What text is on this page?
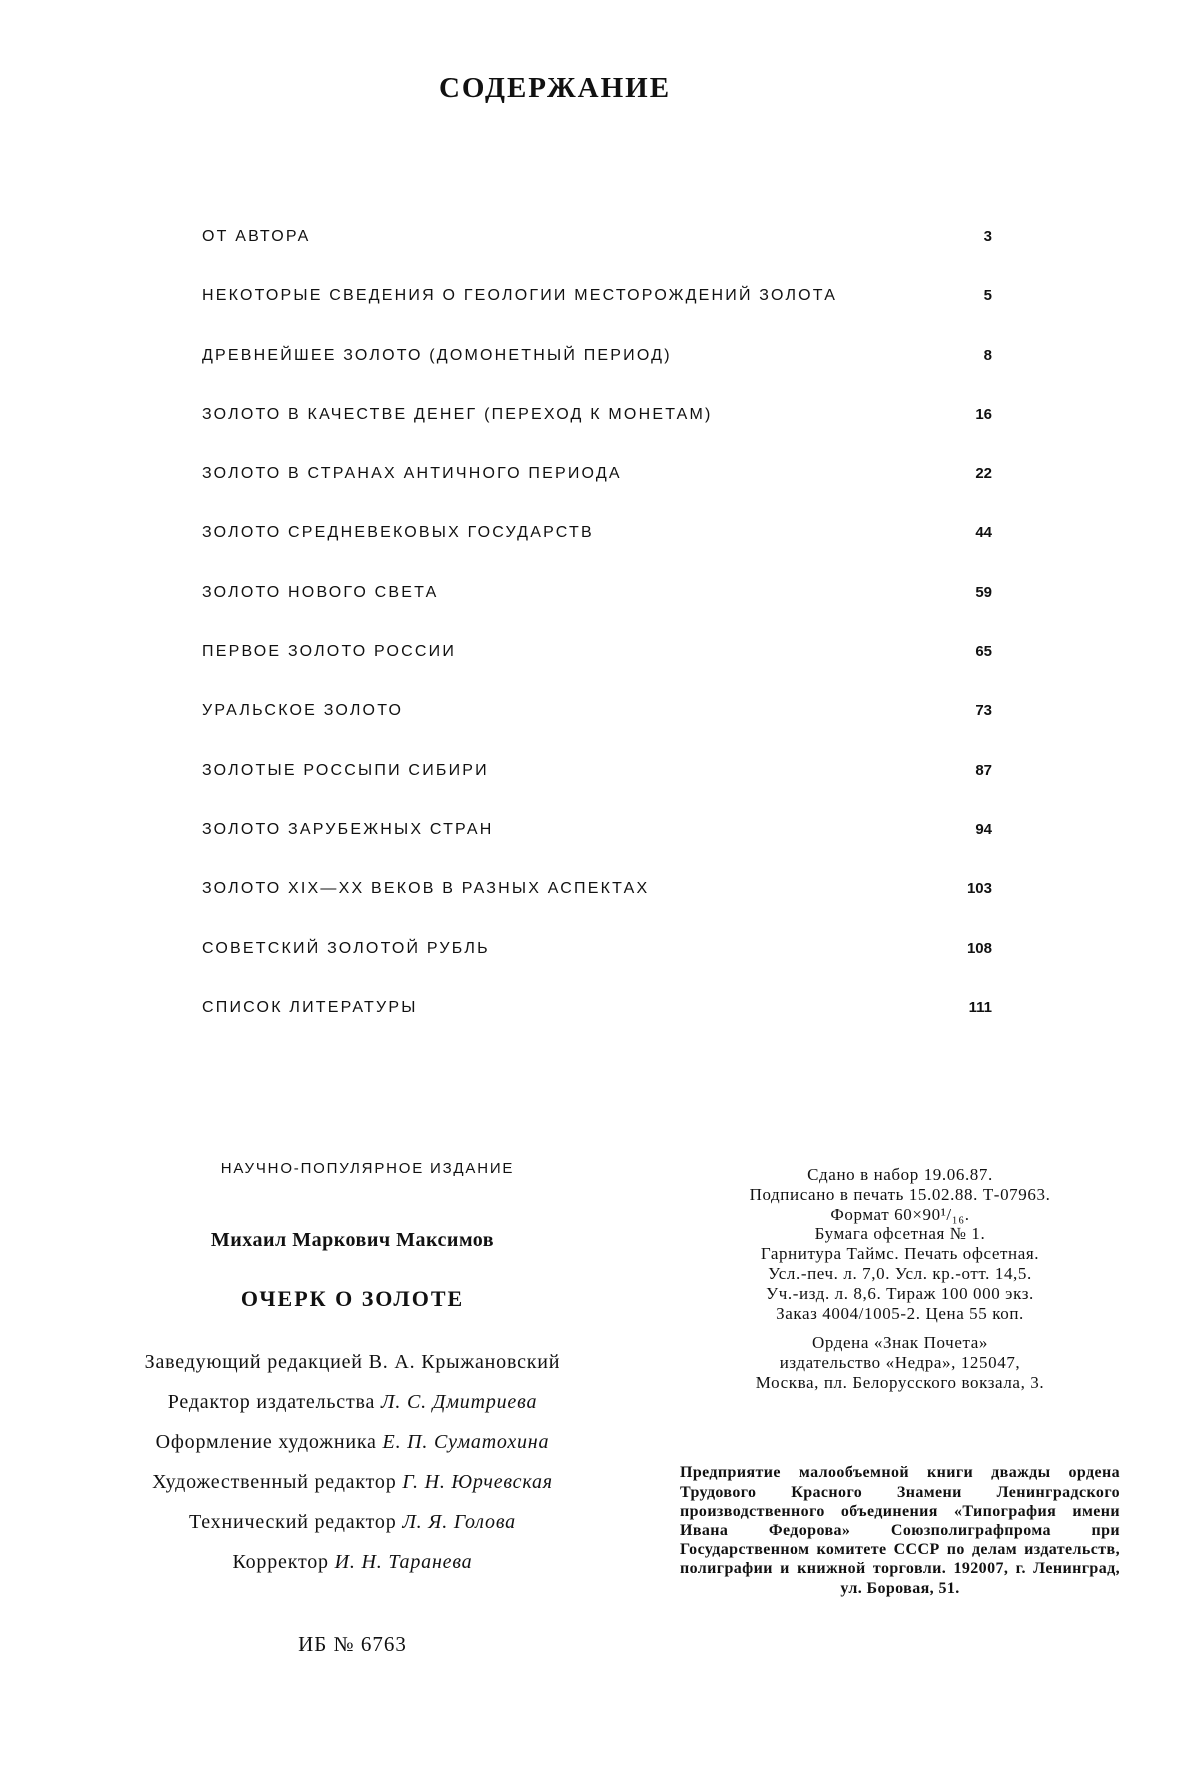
СОДЕРЖАНИЕ
ОТ АВТОРА	3
НЕКОТОРЫЕ СВЕДЕНИЯ О ГЕОЛОГИИ МЕСТОРОЖДЕНИЙ ЗОЛОТА	5
ДРЕВНЕЙШЕЕ ЗОЛОТО (ДОМОНЕТНЫЙ ПЕРИОД)	8
ЗОЛОТО В КАЧЕСТВЕ ДЕНЕГ (ПЕРЕХОД К МОНЕТАМ)	16
ЗОЛОТО В СТРАНАХ АНТИЧНОГО ПЕРИОДА	22
ЗОЛОТО СРЕДНЕВЕКОВЫХ ГОСУДАРСТВ	44
ЗОЛОТО НОВОГО СВЕТА	59
ПЕРВОЕ ЗОЛОТО РОССИИ	65
УРАЛЬСКОЕ ЗОЛОТО	73
ЗОЛОТЫЕ РОССЫПИ СИБИРИ	87
ЗОЛОТО ЗАРУБЕЖНЫХ СТРАН	94
ЗОЛОТО XIX—XX ВЕКОВ В РАЗНЫХ АСПЕКТАХ	103
СОВЕТСКИЙ ЗОЛОТОЙ РУБЛЬ	108
СПИСОК ЛИТЕРАТУРЫ	111
НАУЧНО-ПОПУЛЯРНОЕ ИЗДАНИЕ
Михаил Маркович Максимов
ОЧЕРК О ЗОЛОТЕ
Заведующий редакцией В. А. Крыжановский
Редактор издательства Л. С. Дмитриева
Оформление художника Е. П. Суматохина
Художественный редактор Г. Н. Юрчевская
Технический редактор Л. Я. Голова
Корректор И. Н. Таранева
ИБ № 6763
Сдано в набор 19.06.87.
Подписано в печать 15.02.88. Т-07963.
Формат 60×90¹/₁₆.
Бумага офсетная № 1.
Гарнитура Таймс. Печать офсетная.
Усл.-печ. л. 7,0. Усл. кр.-отт. 14,5.
Уч.-изд. л. 8,6. Тираж 100 000 экз.
Заказ 4004/1005-2. Цена 55 коп.
Ордена «Знак Почета»
издательство «Недра», 125047,
Москва, пл. Белорусского вокзала, 3.
Предприятие малообъемной книги дважды ордена Трудового Красного Знамени Ленинградского производственного объединения «Типография имени Ивана Федорова» Союзполиграфпрома при Государственном комитете СССР по делам издательств, полиграфии и книжной торговли. 192007, г. Ленинград, ул. Боровая, 51.
